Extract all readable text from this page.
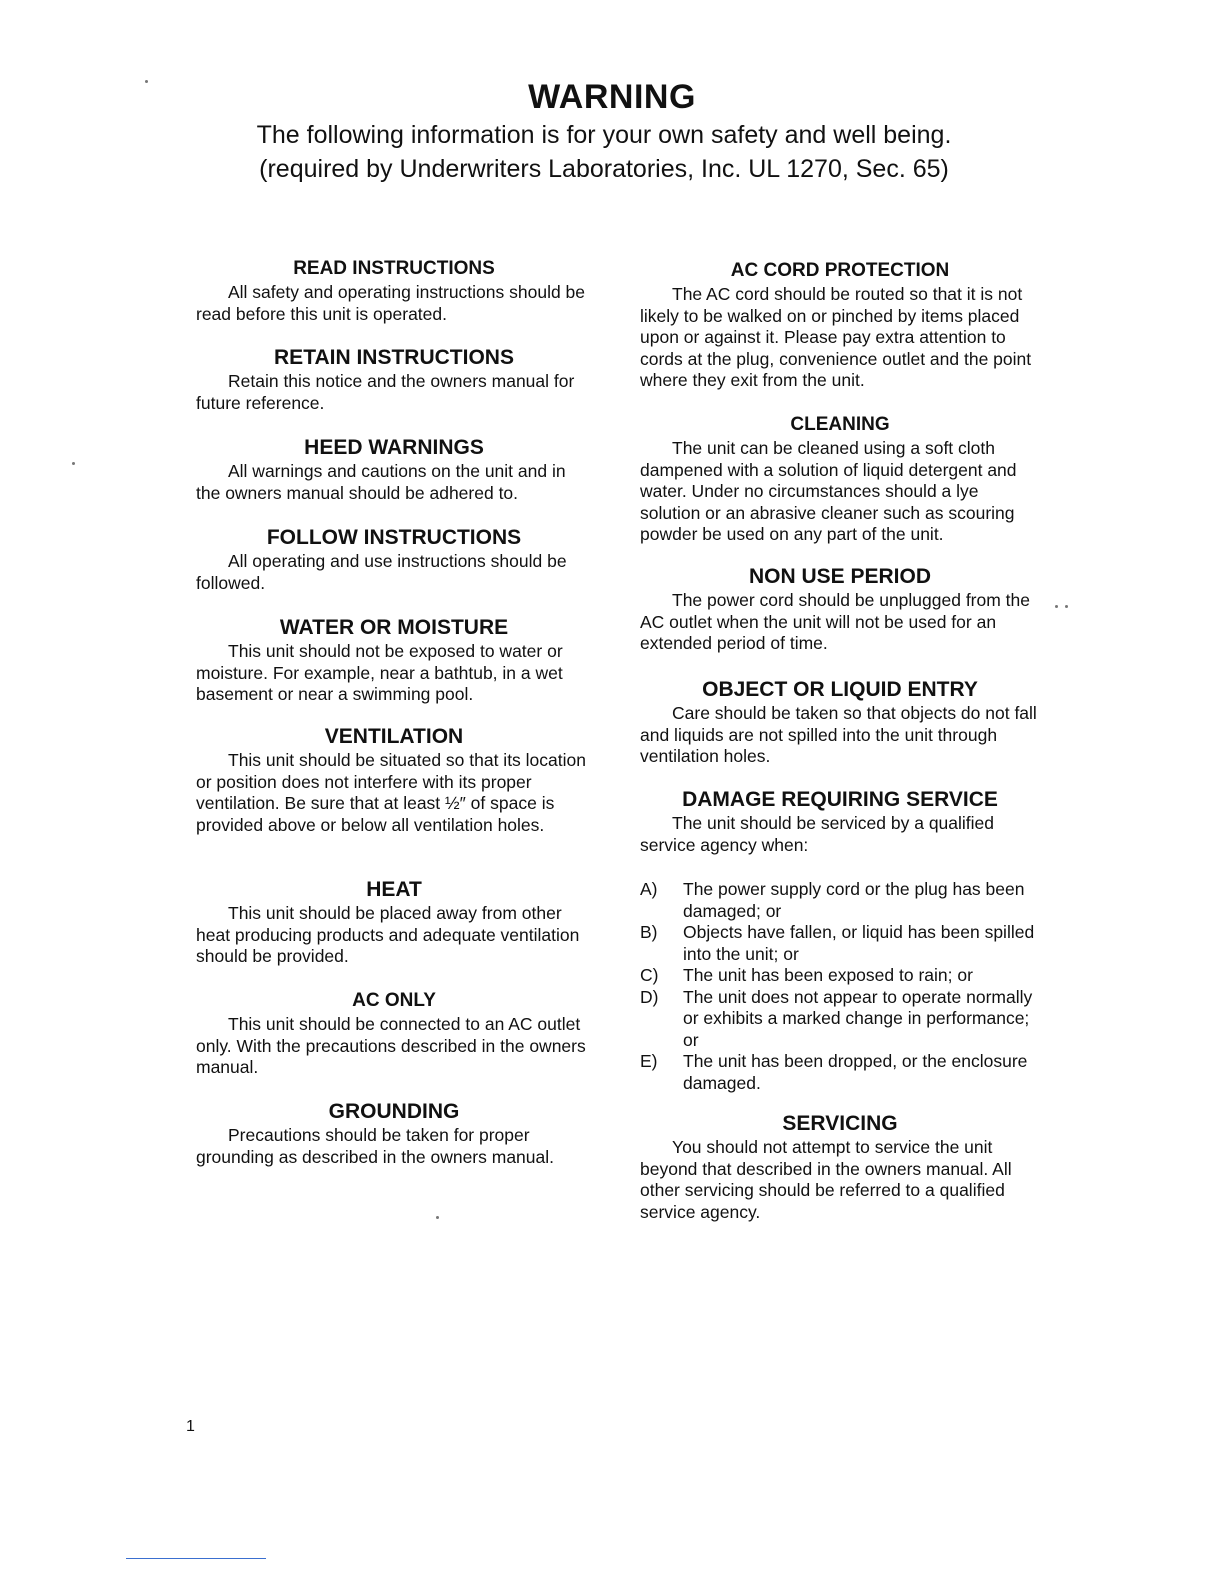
WARNING
The following information is for your own safety and well being.
(required by Underwriters Laboratories, Inc. UL 1270, Sec. 65)
READ INSTRUCTIONS

All safety and operating instructions should be read before this unit is operated.

RETAIN INSTRUCTIONS

Retain this notice and the owners manual for future reference.

HEED WARNINGS

All warnings and cautions on the unit and in the owners manual should be adhered to.

FOLLOW INSTRUCTIONS

All operating and use instructions should be followed.

WATER OR MOISTURE

This unit should not be exposed to water or moisture. For example, near a bathtub, in a wet basement or near a swimming pool.

VENTILATION

This unit should be situated so that its location or position does not interfere with its proper ventilation. Be sure that at least ½″ of space is provided above or below all ventilation holes.

HEAT

This unit should be placed away from other heat producing products and adequate ventilation should be provided.

AC ONLY

This unit should be connected to an AC outlet only. With the precautions described in the owners manual.

GROUNDING

Precautions should be taken for proper grounding as described in the owners manual.

AC CORD PROTECTION

The AC cord should be routed so that it is not likely to be walked on or pinched by items placed upon or against it. Please pay extra attention to cords at the plug, convenience outlet and the point where they exit from the unit.

CLEANING

The unit can be cleaned using a soft cloth dampened with a solution of liquid detergent and water. Under no circumstances should a lye solution or an abrasive cleaner such as scouring powder be used on any part of the unit.

NON USE PERIOD

The power cord should be unplugged from the AC outlet when the unit will not be used for an extended period of time.

OBJECT OR LIQUID ENTRY

Care should be taken so that objects do not fall and liquids are not spilled into the unit through ventilation holes.

DAMAGE REQUIRING SERVICE

The unit should be serviced by a qualified service agency when:

A)	The power supply cord or the plug has been damaged; or
B)	Objects have fallen, or liquid has been spilled into the unit; or
C)	The unit has been exposed to rain; or
D)	The unit does not appear to operate normally or exhibits a marked change in performance; or
E)	The unit has been dropped, or the enclosure damaged.
SERVICING

You should not attempt to service the unit beyond that described in the owners manual. All other servicing should be referred to a qualified service agency.

1
